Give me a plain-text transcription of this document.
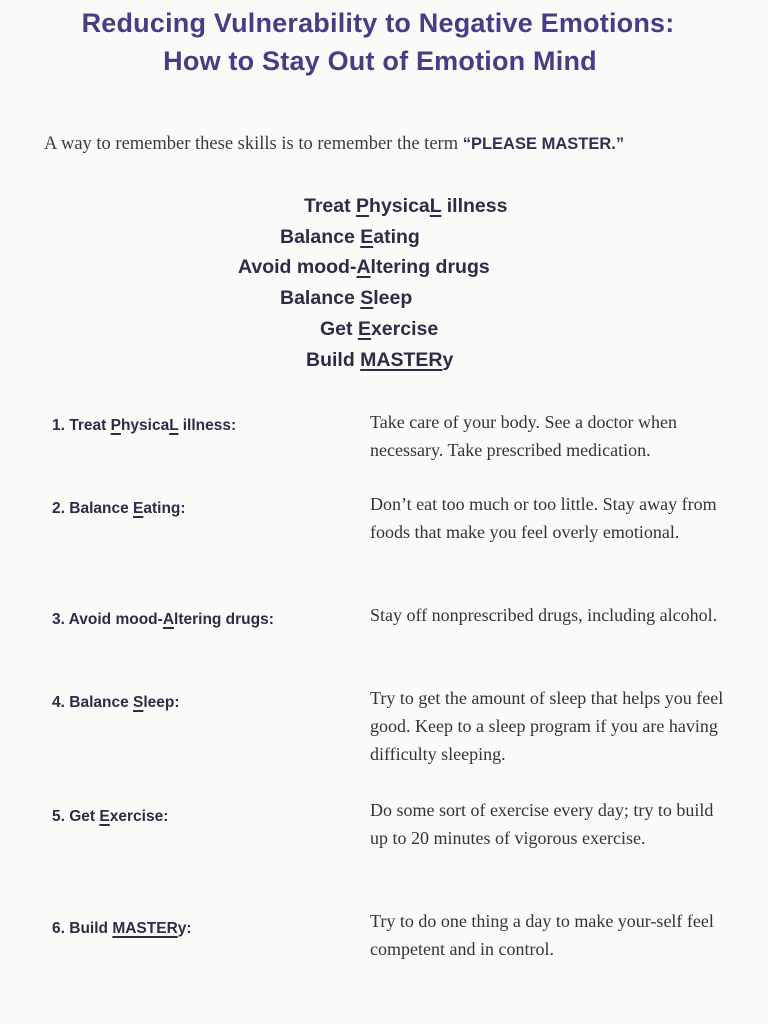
Reducing Vulnerability to Negative Emotions:
How to Stay Out of Emotion Mind
A way to remember these skills is to remember the term “PLEASE MASTER.”
Treat PhysicaL illness
Balance Eating
Avoid mood-Altering drugs
Balance Sleep
Get Exercise
Build MASTERy
1. Treat PhysicaL illness:	Take care of your body. See a doctor when necessary. Take prescribed medication.
2. Balance Eating:	Don’t eat too much or too little. Stay away from foods that make you feel overly emotional.
3. Avoid mood-Altering drugs:	Stay off nonprescribed drugs, including alcohol.
4. Balance Sleep:	Try to get the amount of sleep that helps you feel good. Keep to a sleep program if you are having difficulty sleeping.
5. Get Exercise:	Do some sort of exercise every day; try to build up to 20 minutes of vigorous exercise.
6. Build MASTERy:	Try to do one thing a day to make your-self feel competent and in control.
